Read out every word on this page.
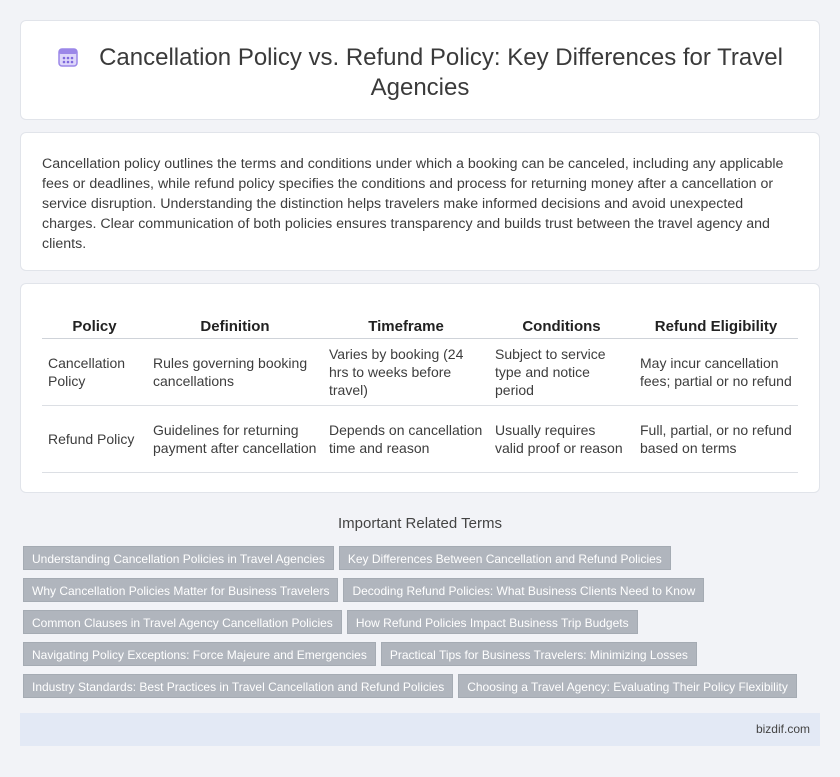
Cancellation Policy vs. Refund Policy: Key Differences for Travel Agencies

Cancellation policy outlines the terms and conditions under which a booking can be canceled, including any applicable fees or deadlines, while refund policy specifies the conditions and process for returning money after a cancellation or service disruption. Understanding the distinction helps travelers make informed decisions and avoid unexpected charges. Clear communication of both policies ensures transparency and builds trust between the travel agency and clients.

Policy	Definition	Timeframe	Conditions	Refund Eligibility
Cancellation Policy	Rules governing booking cancellations	Varies by booking (24 hrs to weeks before travel)	Subject to service type and notice period	May incur cancellation fees; partial or no refund
Refund Policy	Guidelines for returning payment after cancellation	Depends on cancellation time and reason	Usually requires valid proof or reason	Full, partial, or no refund based on terms
Important Related Terms
Understanding Cancellation Policies in Travel Agencies Key Differences Between Cancellation and Refund Policies
Why Cancellation Policies Matter for Business Travelers Decoding Refund Policies: What Business Clients Need to Know
Common Clauses in Travel Agency Cancellation Policies How Refund Policies Impact Business Trip Budgets
Navigating Policy Exceptions: Force Majeure and Emergencies Practical Tips for Business Travelers: Minimizing Losses
Industry Standards: Best Practices in Travel Cancellation and Refund Policies Choosing a Travel Agency: Evaluating Their Policy Flexibility
bizdif.com
